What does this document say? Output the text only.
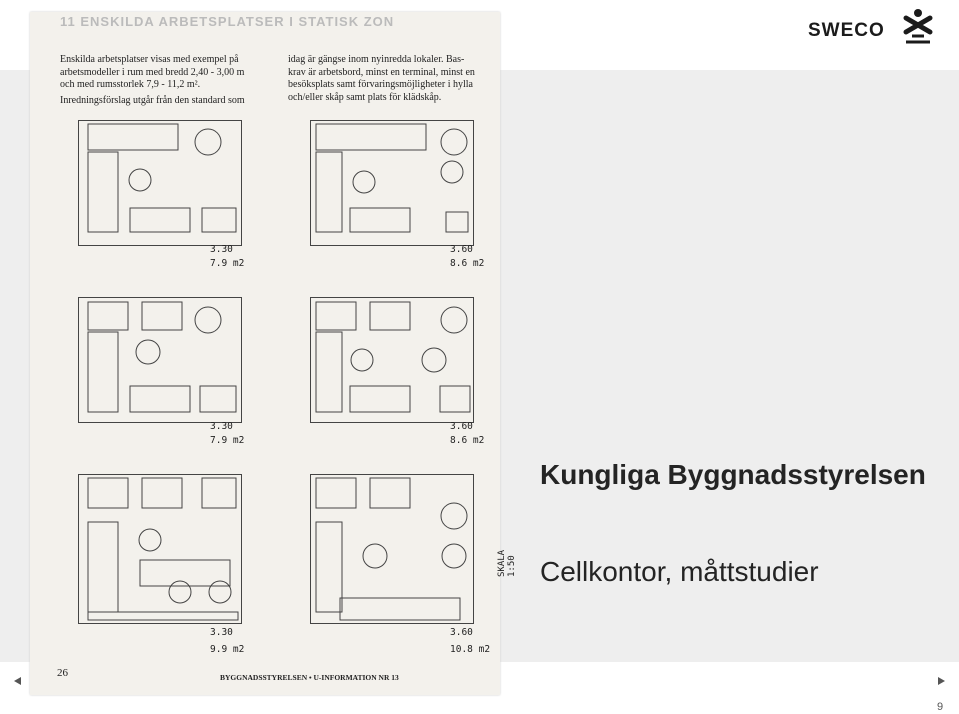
11 ENSKILDA ARBETSPLATSER I STATISK ZON
Enskilda arbetsplatser visas med exempel på
arbetsmodeller i rum med bredd 2,40 - 3,00 m
och med rumsstorlek 7,9 - 11,2 m².
Inredningsförslag utgår från den standard som
idag är gängse inom nyinredda lokaler. Bas-
krav är arbetsbord, minst en terminal, minst en
besöksplats samt förvaringsmöjligheter i hylla
och/eller skåp samt plats för klädskåp.
3.30
7.9 m2
3.60
8.6 m2
3.30
7.9 m2
3.60
8.6 m2
3.30
9.9 m2
3.60
10.8 m2
SKALA 1:50
26	BYGGNADSSTYRELSEN • U-INFORMATION NR 13
SWECO
Kungliga Byggnadsstyrelsen
Cellkontor, måttstudier
9
